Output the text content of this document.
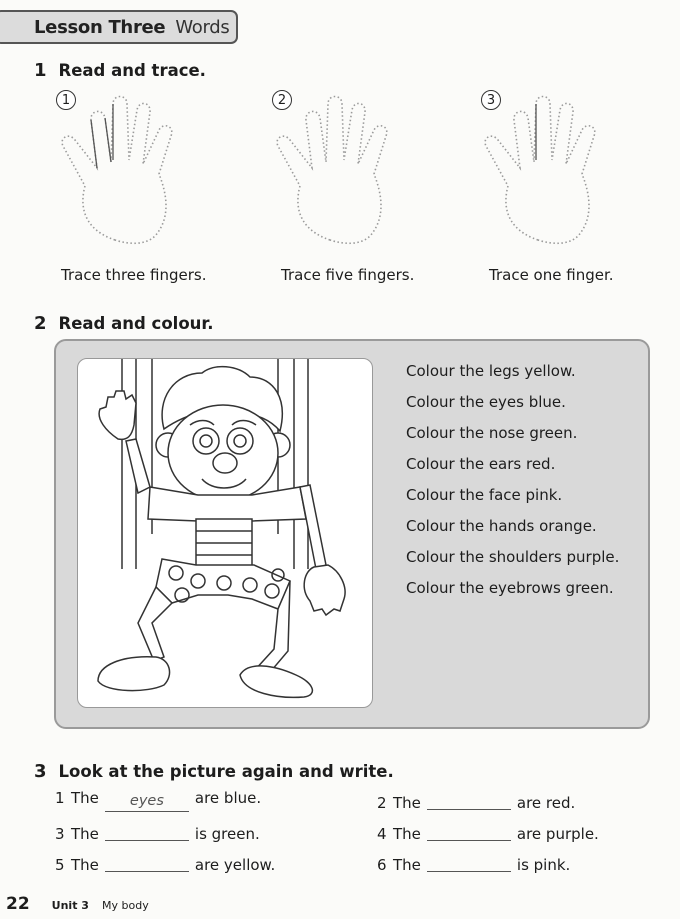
Lesson Three Words
1 Read and trace.
1	2	3
Trace three fingers.	Trace five fingers.	Trace one finger.
2 Read and colour.
Colour the legs yellow.
Colour the eyes blue.
Colour the nose green.
Colour the ears red.
Colour the face pink.
Colour the hands orange.
Colour the shoulders purple.
Colour the eyebrows green.
3 Look at the picture again and write.
1 The	eyes	are blue.	2 The	are red.
3 The	is green.	4 The	are purple.
5 The	are yellow.	6 The	is pink.
22 Unit 3 My body
